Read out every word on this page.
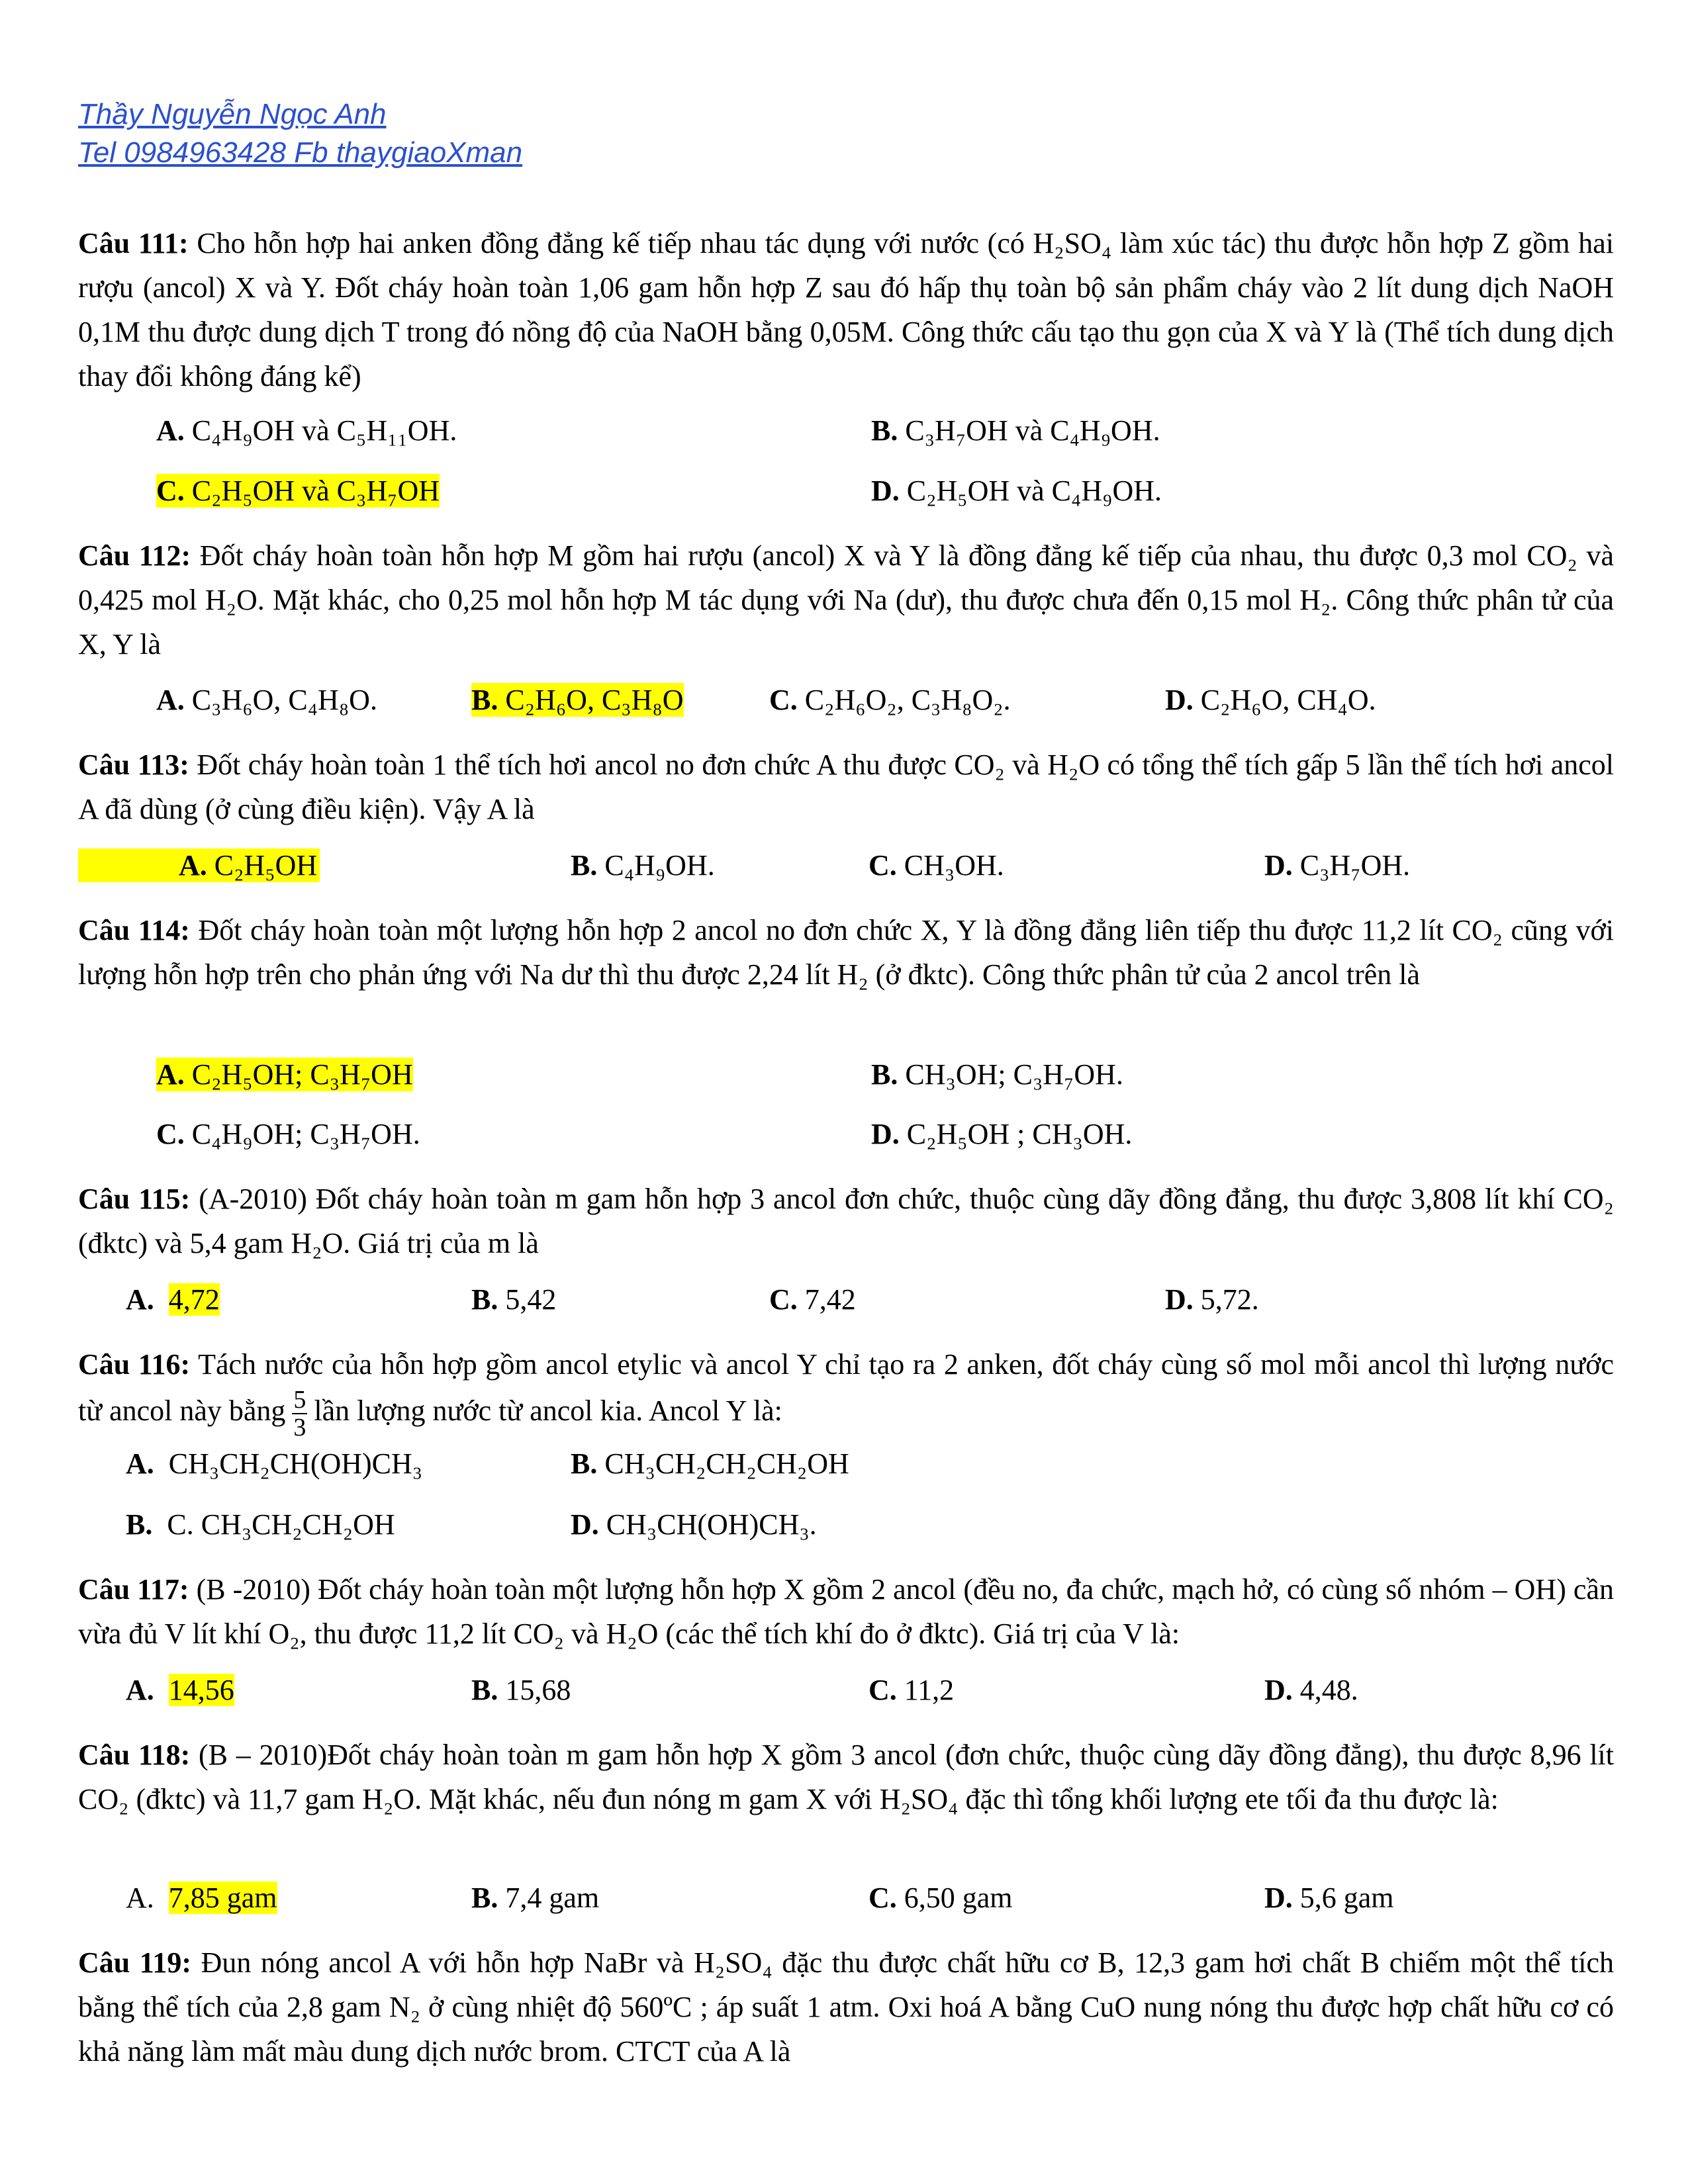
Thầy Nguyễn Ngọc Anh
Tel 0984963428 Fb thaygiaoXman
Câu 111: Cho hỗn hợp hai anken đồng đẳng kế tiếp nhau tác dụng với nước (có H₂SO₄ làm xúc tác) thu được hỗn hợp Z gồm hai rượu (ancol) X và Y. Đốt cháy hoàn toàn 1,06 gam hỗn hợp Z sau đó hấp thụ toàn bộ sản phẩm cháy vào 2 lít dung dịch NaOH 0,1M thu được dung dịch T trong đó nồng độ của NaOH bằng 0,05M. Công thức cấu tạo thu gọn của X và Y là (Thể tích dung dịch thay đổi không đáng kể)
A. C₄H₉OH và C₅H₁₁OH.	B. C₃H₇OH và C₄H₉OH.
C. C₂H₅OH và C₃H₇OH	D. C₂H₅OH và C₄H₉OH.
Câu 112: Đốt cháy hoàn toàn hỗn hợp M gồm hai rượu (ancol) X và Y là đồng đẳng kế tiếp của nhau, thu được 0,3 mol CO₂ và 0,425 mol H₂O. Mặt khác, cho 0,25 mol hỗn hợp M tác dụng với Na (dư), thu được chưa đến 0,15 mol H₂. Công thức phân tử của X, Y là
A. C₃H₆O, C₄H₈O.	B. C₂H₆O, C₃H₈O	C. C₂H₆O₂, C₃H₈O₂.	D. C₂H₆O, CH₄O.
Câu 113: Đốt cháy hoàn toàn 1 thể tích hơi ancol no đơn chức A thu được CO₂ và H₂O có tổng thể tích gấp 5 lần thể tích hơi ancol A đã dùng (ở cùng điều kiện). Vậy A là
A. C₂H₅OH	B. C₄H₉OH.	C. CH₃OH.	D. C₃H₇OH.
Câu 114: Đốt cháy hoàn toàn một lượng hỗn hợp 2 ancol no đơn chức X, Y là đồng đẳng liên tiếp thu được 11,2 lít CO₂ cũng với lượng hỗn hợp trên cho phản ứng với Na dư thì thu được 2,24 lít H₂ (ở đktc). Công thức phân tử của 2 ancol trên là
A. C₂H₅OH; C₃H₇OH	B. CH₃OH; C₃H₇OH.
C. C₄H₉OH; C₃H₇OH.	D. C₂H₅OH ; CH₃OH.
Câu 115: (A-2010) Đốt cháy hoàn toàn m gam hỗn hợp 3 ancol đơn chức, thuộc cùng dãy đồng đẳng, thu được 3,808 lít khí CO₂ (đktc) và 5,4 gam H₂O. Giá trị của m là
A. 4,72	B. 5,42	C. 7,42	D. 5,72.
Câu 116: Tách nước của hỗn hợp gồm ancol etylic và ancol Y chỉ tạo ra 2 anken, đốt cháy cùng số mol mỗi ancol thì lượng nước từ ancol này bằng $\frac{5}{3}$ lần lượng nước từ ancol kia. Ancol Y là:
A. CH₃CH₂CH(OH)CH₃	B. CH₃CH₂CH₂CH₂OH
B. C. CH₃CH₂CH₂OH	D. CH₃CH(OH)CH₃.
Câu 117: (B -2010) Đốt cháy hoàn toàn một lượng hỗn hợp X gồm 2 ancol (đều no, đa chức, mạch hở, có cùng số nhóm – OH) cần vừa đủ V lít khí O₂, thu được 11,2 lít CO₂ và H₂O (các thể tích khí đo ở đktc). Giá trị của V là:
A. 14,56	B. 15,68	C. 11,2	D. 4,48.
Câu 118: (B – 2010)Đốt cháy hoàn toàn m gam hỗn hợp X gồm 3 ancol (đơn chức, thuộc cùng dãy đồng đẳng), thu được 8,96 lít CO₂ (đktc) và 11,7 gam H₂O. Mặt khác, nếu đun nóng m gam X với H₂SO₄ đặc thì tổng khối lượng ete tối đa thu được là:
A. 7,85 gam	B. 7,4 gam	C. 6,50 gam	D. 5,6 gam
Câu 119: Đun nóng ancol A với hỗn hợp NaBr và H₂SO₄ đặc thu được chất hữu cơ B, 12,3 gam hơi chất B chiếm một thể tích bằng thể tích của 2,8 gam N₂ ở cùng nhiệt độ 560ºC ; áp suất 1 atm. Oxi hoá A bằng CuO nung nóng thu được hợp chất hữu cơ có khả năng làm mất màu dung dịch nước brom. CTCT của A là
